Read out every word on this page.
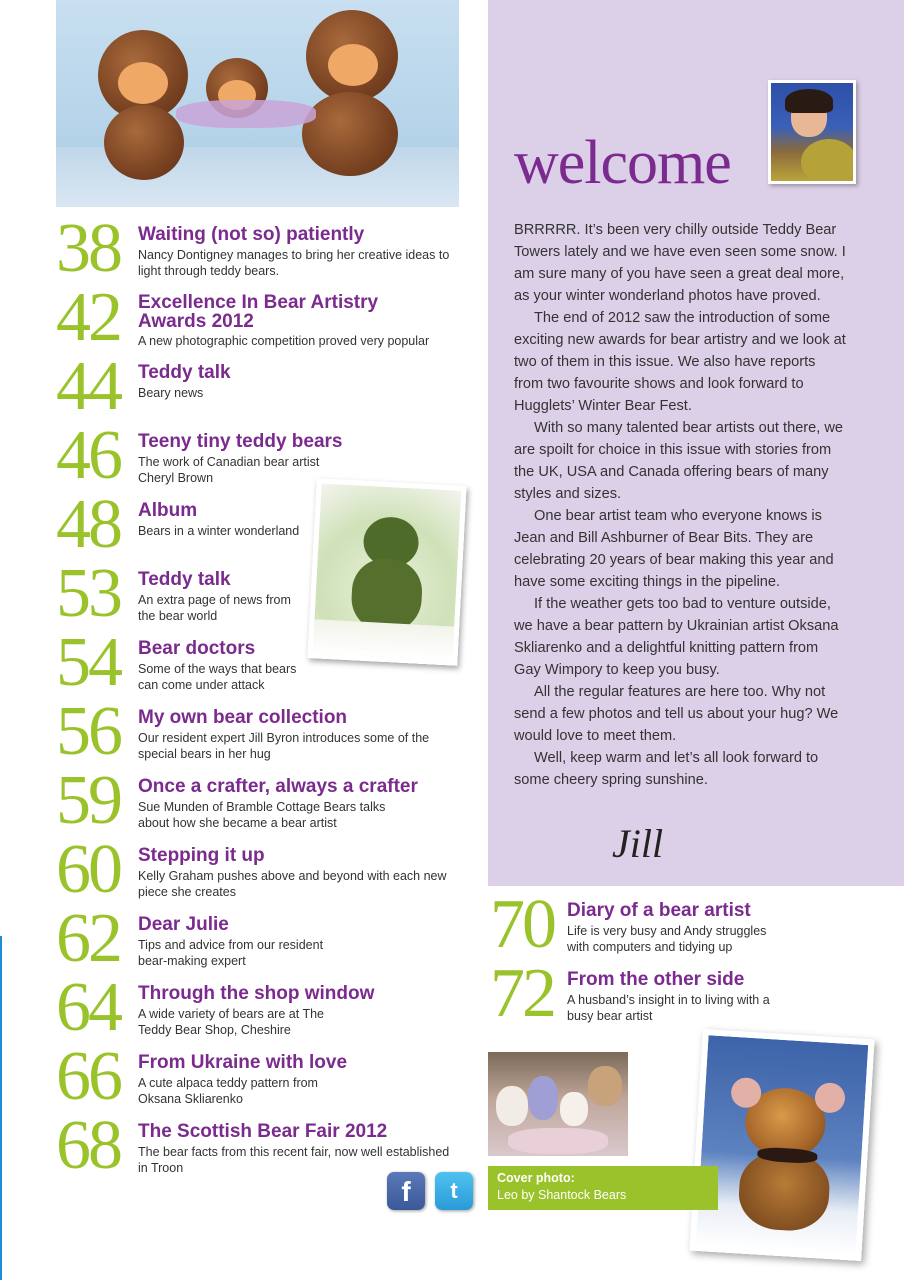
38 Waiting (not so) patiently
Nancy Dontigney manages to bring her creative ideas to light through teddy bears.
42 Excellence In Bear Artistry Awards 2012
A new photographic competition proved very popular
44 Teddy talk
Beary news
46 Teeny tiny teddy bears
The work of Canadian bear artist Cheryl Brown
48 Album
Bears in a winter wonderland
53 Teddy talk
An extra page of news from the bear world
54 Bear doctors
Some of the ways that bears can come under attack
56 My own bear collection
Our resident expert Jill Byron introduces some of the special bears in her hug
59 Once a crafter, always a crafter
Sue Munden of Bramble Cottage Bears talks about how she became a bear artist
60 Stepping it up
Kelly Graham pushes above and beyond with each new piece she creates
62 Dear Julie
Tips and advice from our resident bear-making expert
64 Through the shop window
A wide variety of bears are at The Teddy Bear Shop, Cheshire
66 From Ukraine with love
A cute alpaca teddy pattern from Oksana Skliarenko
68 The Scottish Bear Fair 2012
The bear facts from this recent fair, now well established in Troon
welcome

BRRRRR. It’s been very chilly outside Teddy Bear Towers lately and we have even seen some snow. I am sure many of you have seen a great deal more, as your winter wonderland photos have proved.

The end of 2012 saw the introduction of some exciting new awards for bear artistry and we look at two of them in this issue. We also have reports from two favourite shows and look forward to Hugglets’ Winter Bear Fest.

With so many talented bear artists out there, we are spoilt for choice in this issue with stories from the UK, USA and Canada offering bears of many styles and sizes.

One bear artist team who everyone knows is Jean and Bill Ashburner of Bear Bits. They are celebrating 20 years of bear making this year and have some exciting things in the pipeline.

If the weather gets too bad to venture outside, we have a bear pattern by Ukrainian artist Oksana Skliarenko and a delightful knitting pattern from Gay Wimpory to keep you busy.

All the regular features are here too. Why not send a few photos and tell us about your hug? We would love to meet them.

Well, keep warm and let’s all look forward to some cheery spring sunshine.

Jill
70 Diary of a bear artist
Life is very busy and Andy struggles with computers and tidying up
72 From the other side
A husband’s insight in to living with a busy bear artist
Cover photo:
Leo by Shantock Bears
f	t
